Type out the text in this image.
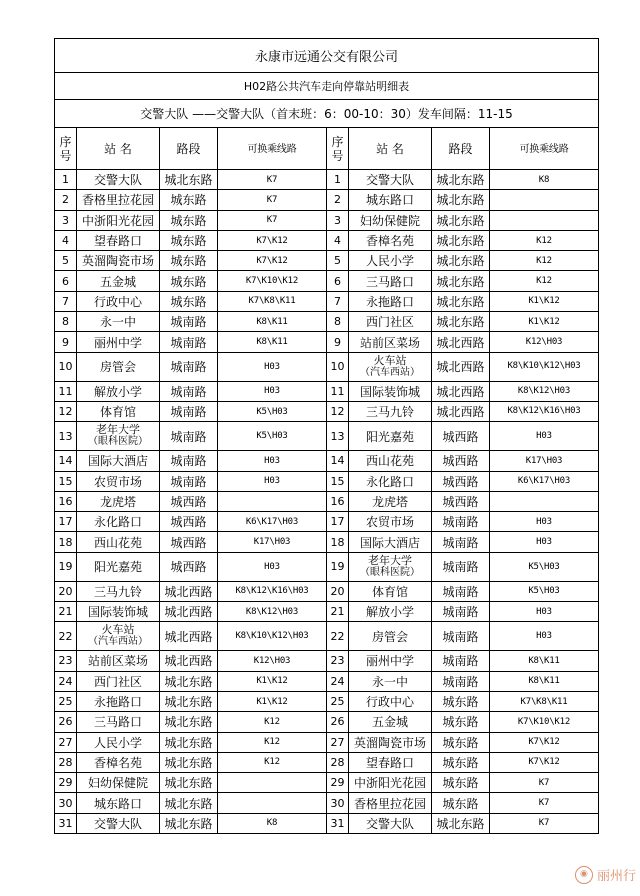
永康市远通公交有限公司							
H02路公共汽车走向停靠站明细表							
交警大队 ——交警大队（首末班：6：00-10：30）发车间隔：11-15							
序号	站 名	路段	可换乘线路	序号	站 名	路段	可换乘线路
1	交警大队	城北东路	K7	1	交警大队	城北东路	K8
2	香格里拉花园	城东路	K7	2	城东路口	城北东路	
3	中浙阳光花园	城东路	K7	3	妇幼保健院	城北东路	
4	望春路口	城东路	K7\K12	4	香樟名苑	城北东路	K12
5	英溜陶瓷市场	城东路	K7\K12	5	人民小学	城北东路	K12
6	五金城	城东路	K7\K10\K12	6	三马路口	城北东路	K12
7	行政中心	城东路	K7\K8\K11	7	永拖路口	城北东路	K1\K12
8	永一中	城南路	K8\K11	8	西门社区	城北东路	K1\K12
9	丽州中学	城南路	K8\K11	9	站前区菜场	城北西路	K12\H03
10	房管会	城南路	H03	10	火车站
（汽车西站）	城北西路	K8\K10\K12\H03
11	解放小学	城南路	H03	11	国际装饰城	城北西路	K8\K12\H03
12	体育馆	城南路	K5\H03	12	三马九铃	城北西路	K8\K12\K16\H03
13	老年大学
（眼科医院）	城南路	K5\H03	13	阳光嘉苑	城西路	H03
14	国际大酒店	城南路	H03	14	西山花苑	城西路	K17\H03
15	农贸市场	城南路	H03	15	永化路口	城西路	K6\K17\H03
16	龙虎塔	城西路		16	龙虎塔	城西路	
17	永化路口	城西路	K6\K17\H03	17	农贸市场	城南路	H03
18	西山花苑	城西路	K17\H03	18	国际大酒店	城南路	H03
19	阳光嘉苑	城西路	H03	19	老年大学
（眼科医院）	城南路	K5\H03
20	三马九铃	城北西路	K8\K12\K16\H03	20	体育馆	城南路	K5\H03
21	国际装饰城	城北西路	K8\K12\H03	21	解放小学	城南路	H03
22	火车站
（汽车西站）	城北西路	K8\K10\K12\H03	22	房管会	城南路	H03
23	站前区菜场	城北西路	K12\H03	23	丽州中学	城南路	K8\K11
24	西门社区	城北东路	K1\K12	24	永一中	城南路	K8\K11
25	永拖路口	城北东路	K1\K12	25	行政中心	城东路	K7\K8\K11
26	三马路口	城北东路	K12	26	五金城	城东路	K7\K10\K12
27	人民小学	城北东路	K12	27	英溜陶瓷市场	城东路	K7\K12
28	香樟名苑	城北东路	K12	28	望春路口	城东路	K7\K12
29	妇幼保健院	城北东路		29	中浙阳光花园	城东路	K7
30	城东路口	城北东路		30	香格里拉花园	城东路	K7
31	交警大队	城北东路	K8	31	交警大队	城北东路	K7
◉ 丽州行
